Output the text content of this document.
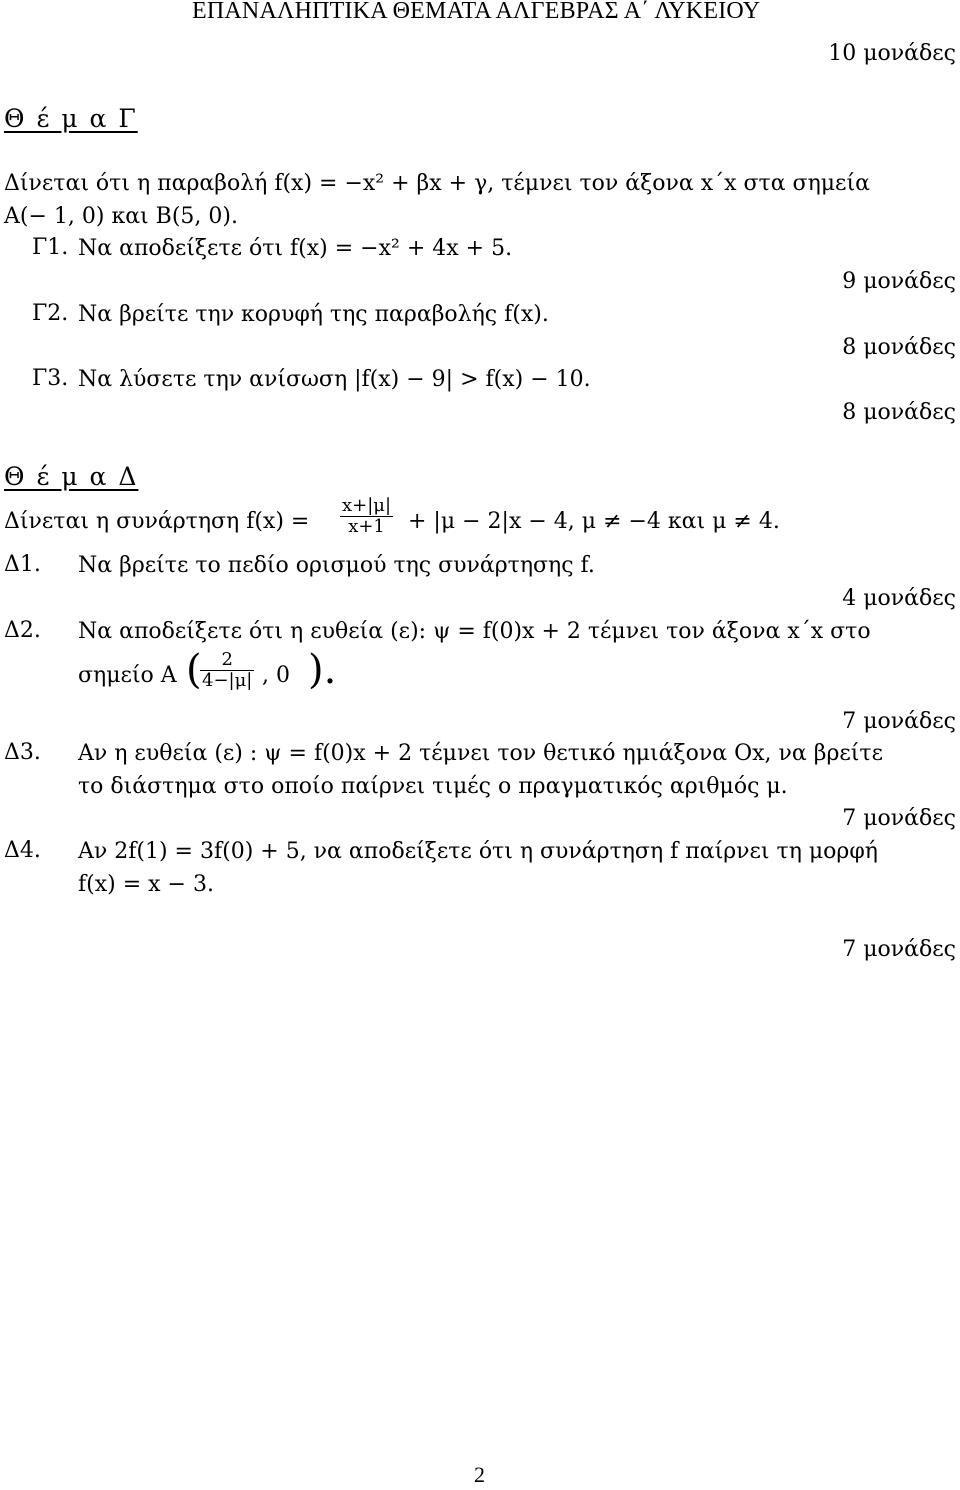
ΕΠΑΝΑΛΗΠΤΙΚΑ ΘΕΜΑΤΑ ΑΛΓΕΒΡΑΣ Α΄ ΛΥΚΕΙΟΥ
10 μονάδες
Θ έ μ α Γ
Δίνεται ότι η παραβολή f(x) = −x² + βx + γ, τέμνει τον άξονα x΄x στα σημεία
A(− 1, 0) και B(5, 0).
Γ1. Να αποδείξετε ότι f(x) = −x² + 4x + 5.
9 μονάδες
Γ2. Να βρείτε την κορυφή της παραβολής f(x).
8 μονάδες
Γ3. Να λύσετε την ανίσωση |f(x) − 9| > f(x) − 10.
8 μονάδες
Θ έ μ α Δ
Δίνεται η συνάρτηση $f(x) = \frac{x+|\mu|}{x+1} + |\mu - 2|x - 4$, μ ≠ −4 και μ ≠ 4.
Δ1. Να βρείτε το πεδίο ορισμού της συνάρτησης f.
4 μονάδες
Δ2. Να αποδείξετε ότι η ευθεία (ε): ψ = f(0)x + 2 τέμνει τον άξονα x΄x στο
σημείο A (
$\frac{2}{4-|\mu|}$ , 0 ).
7 μονάδες
Δ3. Αν η ευθεία (ε) : ψ = f(0)x + 2 τέμνει τον θετικό ημιάξονα Οx, να βρείτε
το διάστημα στο οποίο παίρνει τιμές ο πραγματικός αριθμός μ.
7 μονάδες
Δ4. Αν 2f(1) = 3f(0) + 5, να αποδείξετε ότι η συνάρτηση f παίρνει τη μορφή
f(x) = x − 3.
7 μονάδες
2
